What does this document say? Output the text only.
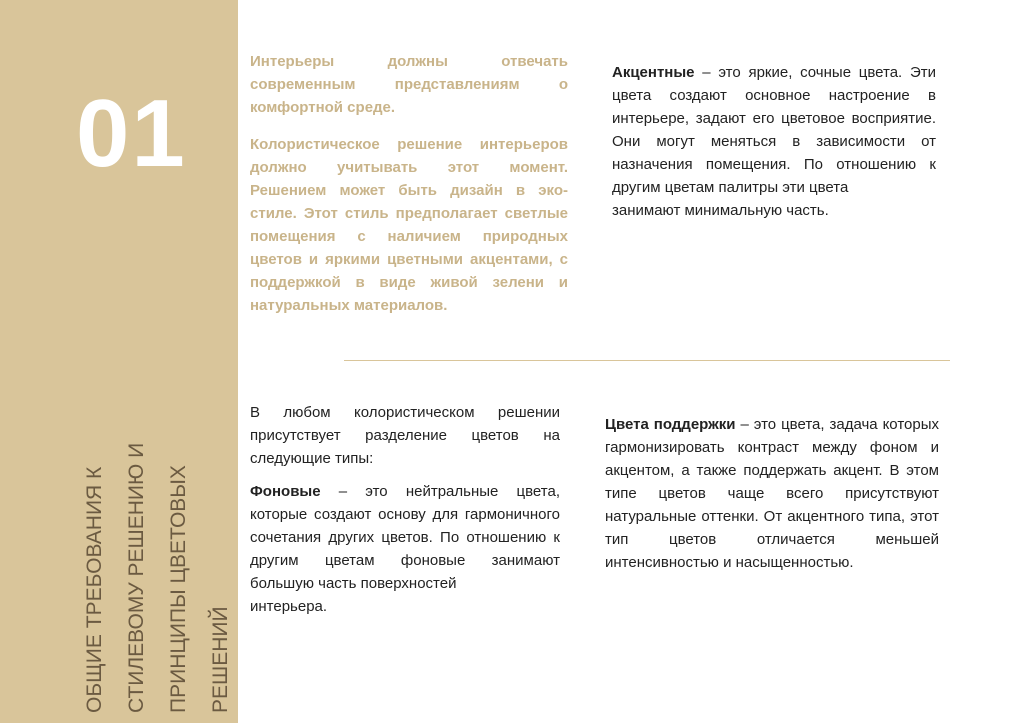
01
ОБЩИЕ ТРЕБОВАНИЯ К СТИЛЕВОМУ РЕШЕНИЮ И ПРИНЦИПЫ ЦВЕТОВЫХ РЕШЕНИЙ

Интерьеры должны отвечать современным представлениям о комфортной среде.

Колористическое решение интерьеров должно учитывать этот момент. Решением может быть дизайн в эко-стиле. Этот стиль предполагает светлые помещения с наличием природных цветов и яркими цветными акцентами, с поддержкой в виде живой зелени и натуральных материалов.

Акцентные – это яркие, сочные цвета. Эти цвета создают основное настроение в интерьере, задают его цветовое восприятие. Они могут меняться в зависимости от назначения помещения. По отношению к другим цветам палитры эти цвета
занимают минимальную часть.
В любом колористическом решении присутствует разделение цветов на следующие типы:
Фоновые – это нейтральные цвета, которые создают основу для гармоничного сочетания других цветов. По отношению к другим цветам фоновые занимают большую часть поверхностей
интерьера.
Цвета поддержки – это цвета, задача которых гармонизировать контраст между фоном и акцентом, а также поддержать акцент. В этом типе цветов чаще всего присутствуют натуральные оттенки. От акцентного типа, этот тип цветов отличается меньшей интенсивностью и насыщенностью.
